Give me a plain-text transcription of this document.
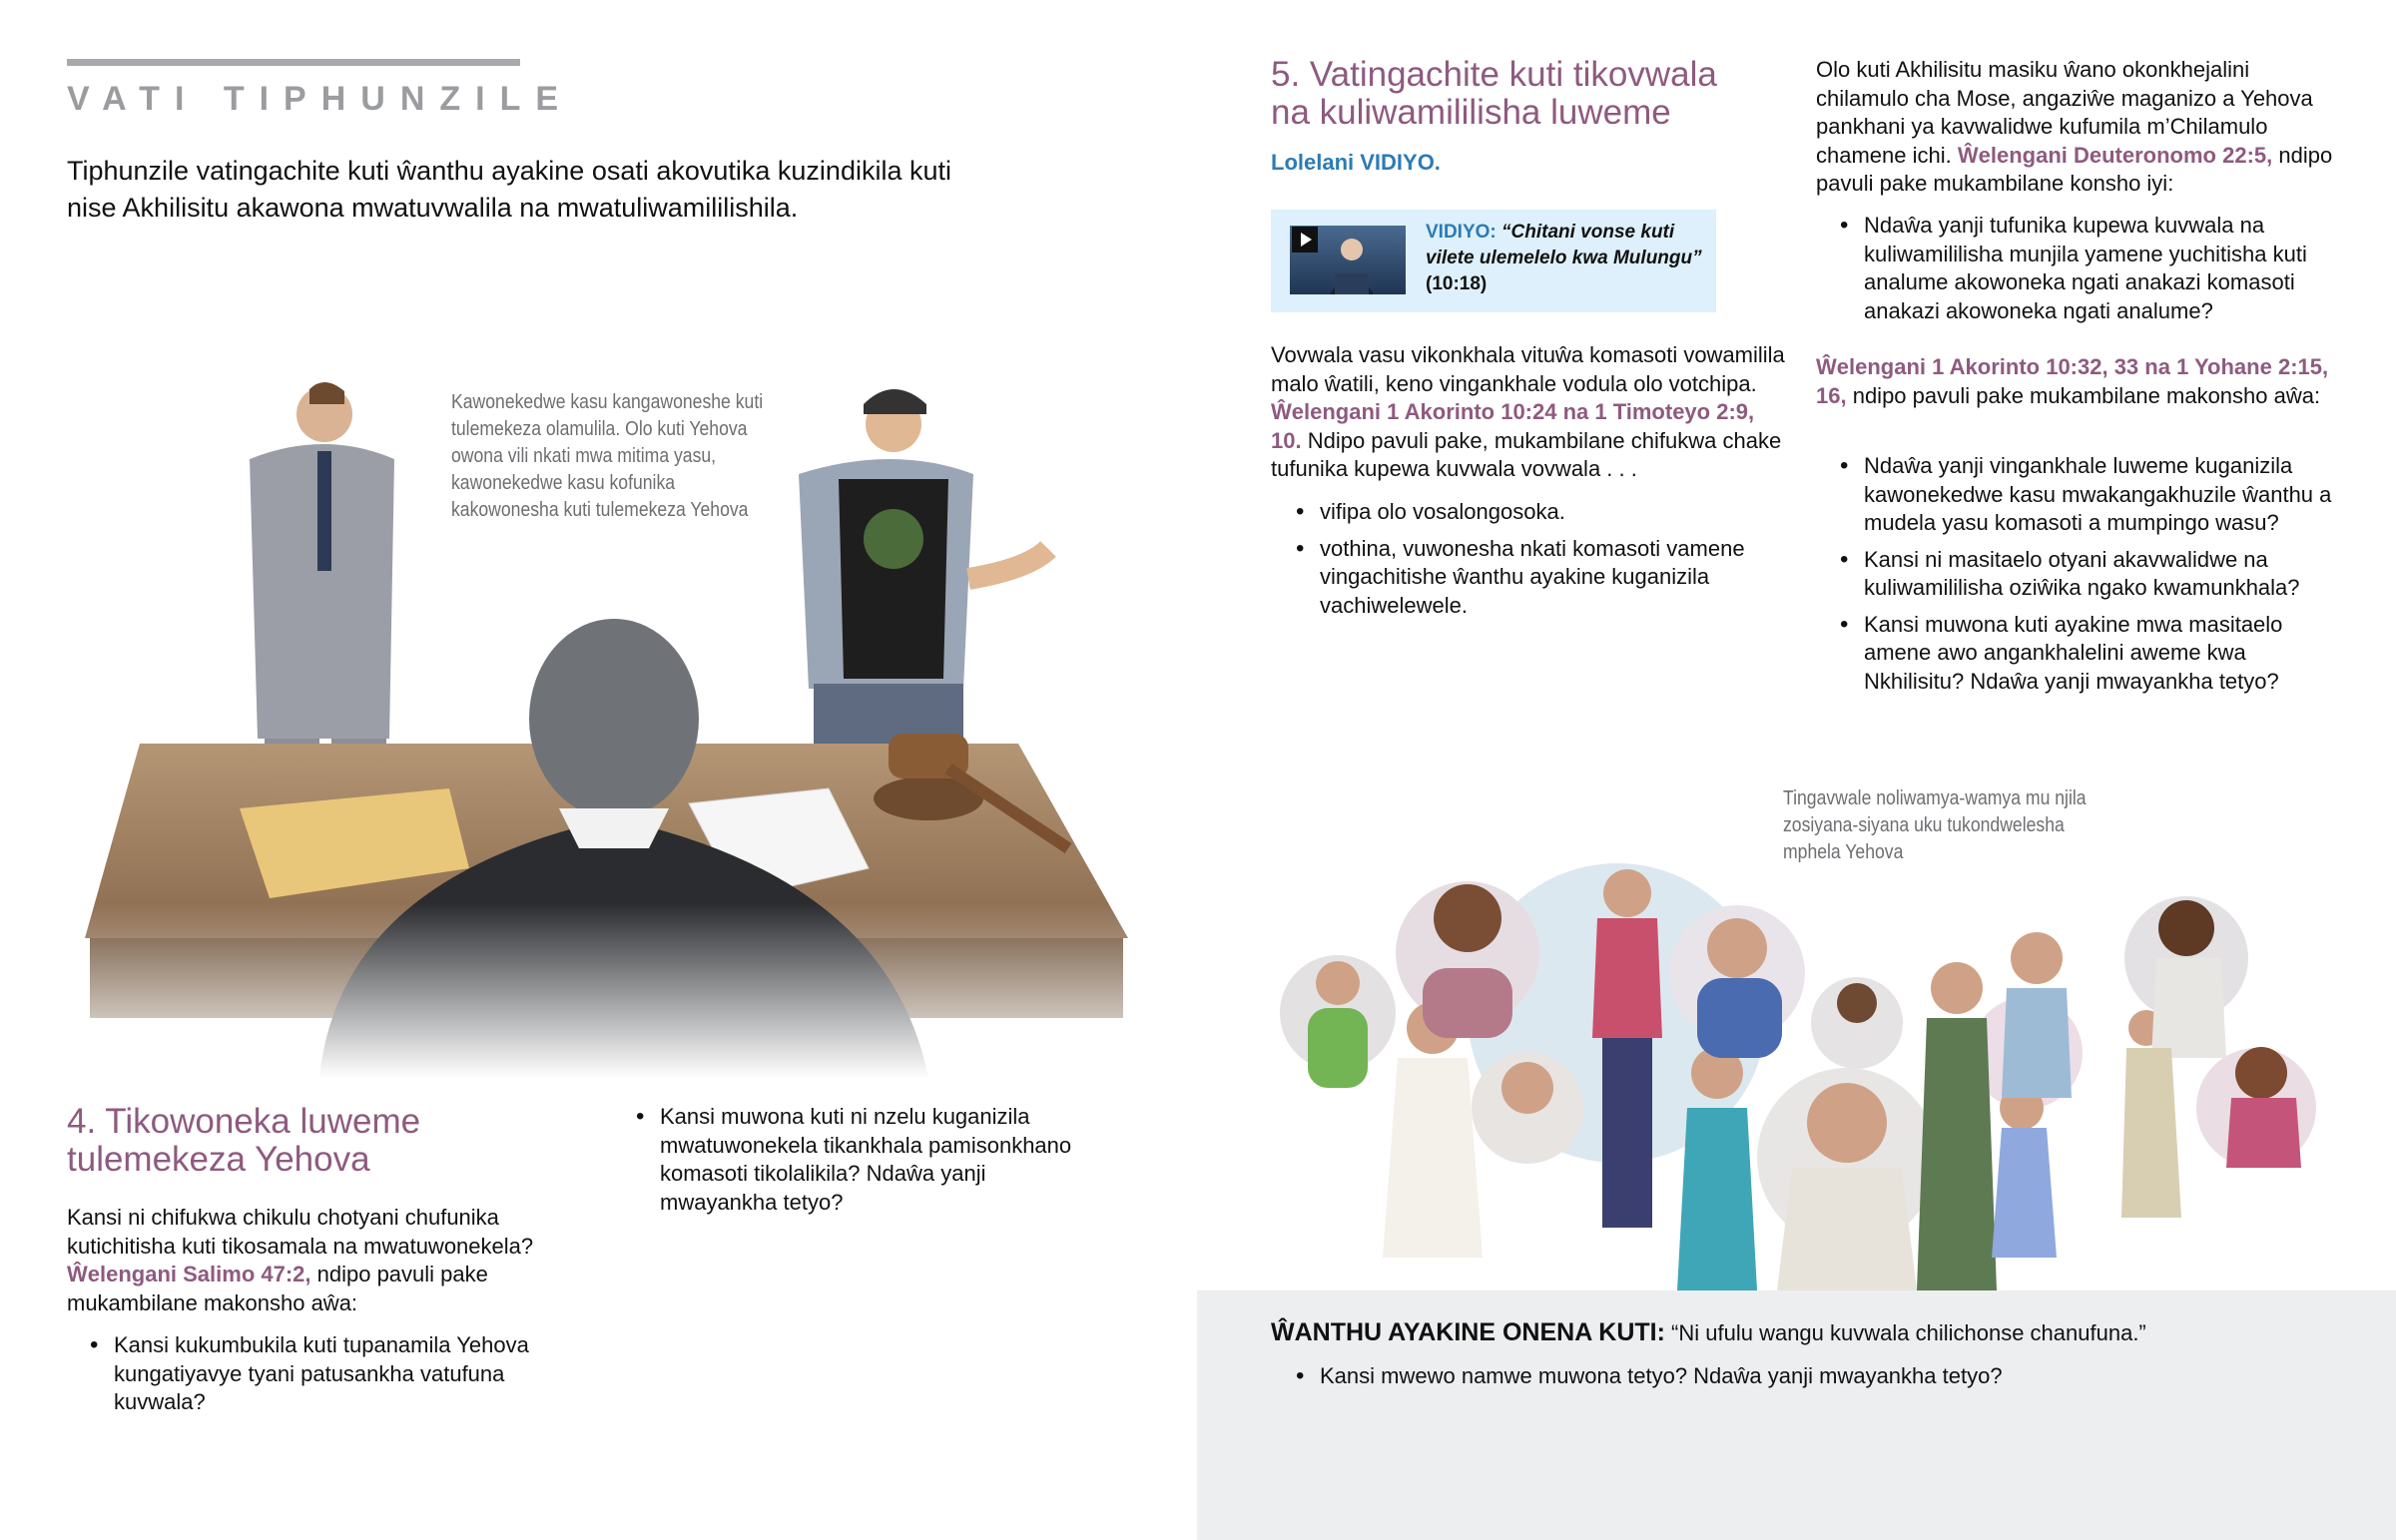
VATI TIPHUNZILE
Tiphunzile vatingachite kuti ŵanthu ayakine osati akovutika kuzindikila kuti nise Akhilisitu akawona mwatuvwalila na mwatuliwamililishila.
Kawonekedwe kasu kangawoneshe kuti tulemekeza olamulila. Olo kuti Yehova owona vili nkati mwa mitima yasu, kawonekedwe kasu kofunika kakowonesha kuti tulemekeza Yehova
4. Tikowoneka luweme
tulemekeza Yehova
Kansi ni chifukwa chikulu chotyani chufunika kutichitisha kuti tikosamala na mwatuwonekela? Ŵelengani Salimo 47:2, ndipo pavuli pake mukambilane makonsho aŵa:
• Kansi kukumbukila kuti tupanamila Yehova kungatiyavye tyani patusankha vatufuna kuvwala?
• Kansi muwona kuti ni nzelu kuganizila mwatuwonekela tikankhala pamisonkhano komasoti tikolalikila? Ndaŵa yanji mwayankha tetyo?
5. Vatingachite kuti tikovwala
na kuliwamililisha luweme
Lolelani VIDIYO.
VIDIYO: “Chitani vonse kuti vilete ulemelelo kwa Mulungu”
(10:18)
Vovwala vasu vikonkhala vituŵa komasoti vowamilila malo ŵatili, keno vingankhale vodula olo votchipa. Ŵelengani 1 Akorinto 10:24 na 1 Timoteyo 2:9, 10. Ndipo pavuli pake, mukambilane chifukwa chake tufunika kupewa kuvwala vovwala . . .
• vifipa olo vosalongosoka.
• vothina, vuwonesha nkati komasoti vamene vingachitishe ŵanthu ayakine kuganizila vachiwelewele.
Olo kuti Akhilisitu masiku ŵano okonkhejalini chilamulo cha Mose, angaziŵe maganizo a Yehova pankhani ya kavwalidwe kufumila m’Chilamulo chamene ichi. Ŵelengani Deuteronomo 22:5, ndipo pavuli pake mukambilane konsho iyi:
• Ndaŵa yanji tufunika kupewa kuvwala na kuliwamililisha munjila yamene yuchitisha kuti analume akowoneka ngati anakazi komasoti anakazi akowoneka ngati analume?
Ŵelengani 1 Akorinto 10:32, 33 na 1 Yohane 2:15, 16, ndipo pavuli pake mukambilane makonsho aŵa:
• Ndaŵa yanji vingankhale luweme kuganizila kawonekedwe kasu mwakangakhuzile ŵanthu a mudela yasu komasoti a mumpingo wasu?
• Kansi ni masitaelo otyani akavwalidwe na kuliwamililisha oziŵika ngako kwamunkhala?
• Kansi muwona kuti ayakine mwa masitaelo amene awo angankhalelini aweme kwa Nkhilisitu? Ndaŵa yanji mwayankha tetyo?
Tingavwale noliwamya-wamya mu njila zosiyana-siyana uku tukondwelesha mphela Yehova
ŴANTHU AYAKINE ONENA KUTI: “Ni ufulu wangu kuvwala chilichonse chanufuna.”
• Kansi mwewo namwe muwona tetyo? Ndaŵa yanji mwayankha tetyo?
